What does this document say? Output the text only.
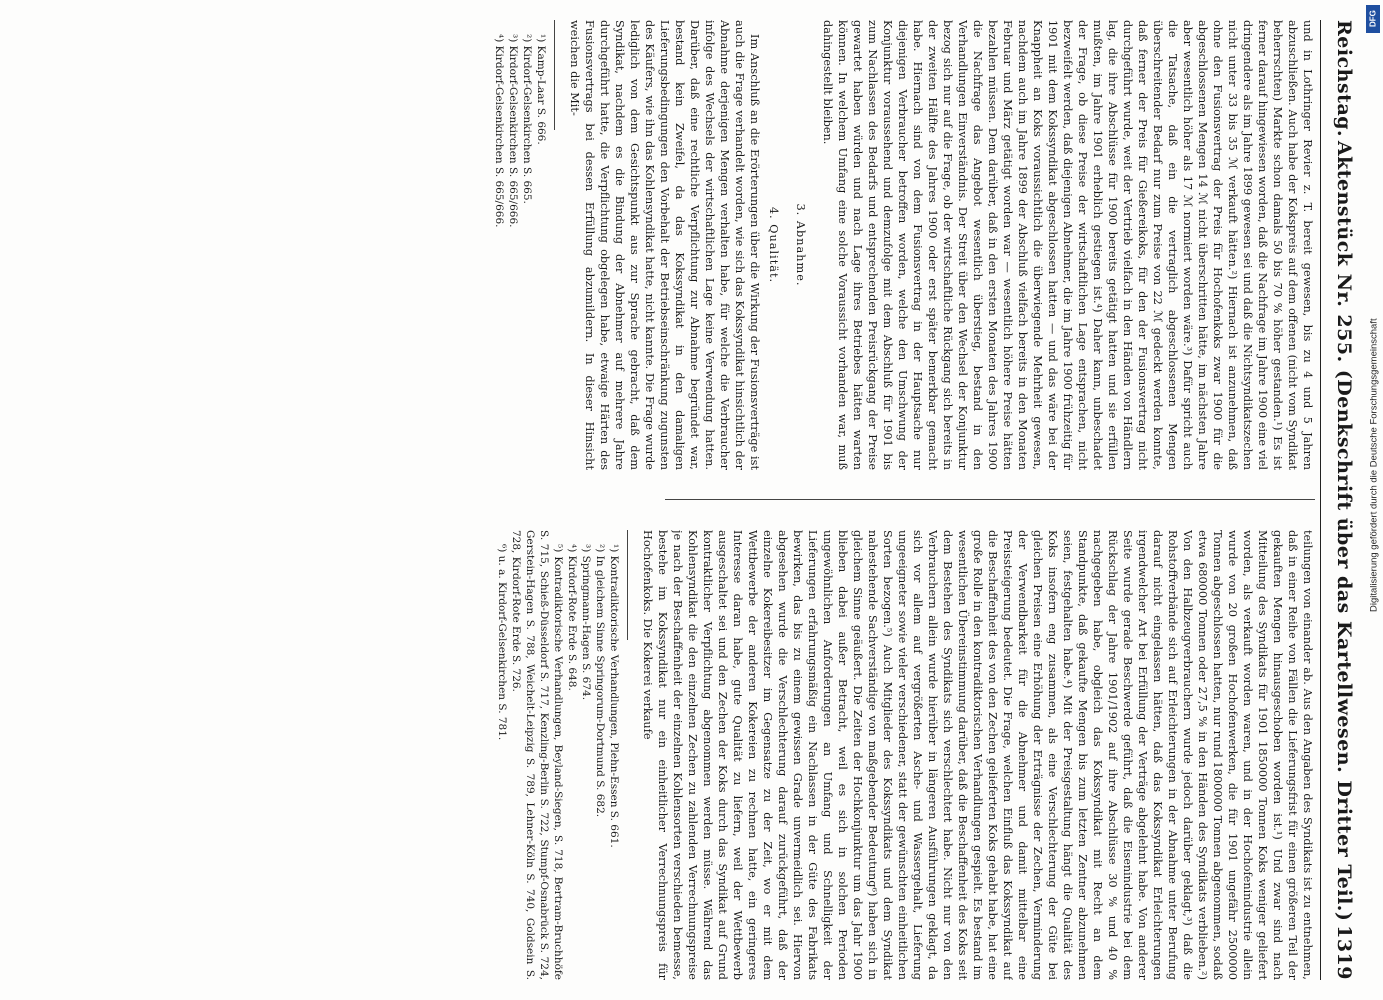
Reichstag.
Aktenstück Nr. 255. (Denkschrift über das Kartellwesen. Dritter Teil.)
1319

und in Lothringer Revier z. T. bereit gewesen, bis zu 4 und 5 Jahren abzuschließen. Auch habe der Kokspreis auf dem offenen (nicht vom Syndikat beherrschten) Markte schon damals 50 bis 70 % höher gestanden.¹) Es ist ferner darauf hingewiesen worden, daß die Nachfrage im Jahre 1900 eine viel dringendere als im Jahre 1899 gewesen sei und daß die Nichtsyndikatszechen nicht unter 33 bis 35 ℳ verkauft hätten.²) Hiernach ist anzunehmen, daß ohne den Fusionsvertrag der Preis für Hochofenkoks zwar 1900 für die abgeschlossenen Mengen 14 ℳ nicht überschritten hätte, im nächsten Jahre aber wesentlich höher als 17 ℳ normiert worden wäre.³) Dafür spricht auch die Tatsache, daß ein die vertraglich abgeschlossenen Mengen überschreitender Bedarf nur zum Preise von 22 ℳ gedeckt werden konnte, daß ferner der Preis für Gießereikoks, für den der Fusionsvertrag nicht durchgeführt wurde, weit der Vertrieb vielfach in den Händen von Händlern lag, die ihre Abschlüsse für 1900 bereits getätigt hatten und sie erfüllen mußten, im Jahre 1901 erheblich gestiegen ist.⁴) Daher kann, unbeschadet der Frage, ob diese Preise der wirtschaftlichen Lage entsprachen, nicht bezweifelt werden, daß diejenigen Abnehmer, die im Jahre 1900 frühzeitig für 1901 mit dem Kokssyndikat abgeschlossen hatten — und das wäre bei der Knappheit an Koks voraussichtlich die überwiegende Mehrheit gewesen, nachdem auch im Jahre 1899 der Abschluß vielfach bereits in den Monaten Februar und März getätigt worden war — wesentlich höhere Preise hätten bezahlen müssen. Dem darüber, daß in den ersten Monaten des Jahres 1900 die Nachfrage das Angebot wesentlich überstieg, bestand in den Verhandlungen Einverständnis. Der Streit über den Wechsel der Konjunktur bezog sich nur auf die Frage, ob der wirtschaftliche Rückgang sich bereits in der zweiten Hälfte des Jahres 1900 oder erst später bemerkbar gemacht habe. Hiernach sind von dem Fusionsvertrag in der Hauptsache nur diejenigen Verbraucher betroffen worden, welche den Umschwung der Konjunktur voraussehend und demzufolge mit dem Abschluß für 1901 bis zum Nachlassen des Bedarfs und entsprechenden Preisrückgang der Preise gewartet haben würden und nach Lage ihres Betriebes hätten warten können. In welchem Umfang eine solche Voraussicht vorhanden war, muß dahingestellt bleiben.

3. Abnahme.
4. Qualität.

Im Anschluß an die Erörterungen über die Wirkung der Fusionsverträge ist auch die Frage verhandelt worden, wie sich das Kokssyndikat hinsichtlich der Abnahme derjenigen Mengen verhalten habe, für welche die Verbraucher infolge des Wechsels der wirtschaftlichen Lage keine Verwendung hatten. Darüber, daß eine rechtliche Verpflichtung zur Abnahme begründet war, bestand kein Zweifel, da das Kokssyndikat in den damaligen Lieferungsbedingungen den Vorbehalt der Betriebseinschränkung zugunsten des Käufers, wie ihn das Kohlensyndikat hatte, nicht kannte. Die Frage wurde lediglich von dem Gesichtspunkt aus zur Sprache gebracht, daß dem Syndikat, nachdem es die Bindung der Abnehmer auf mehrere Jahre durchgeführt hatte, die Verpflichtung obgelegen habe, etwaige Härten des Fusionsvertrags bei dessen Erfüllung abzumildern. In dieser Hinsicht weichen die Mit-

¹) Kamp-Laar S. 666.

²) Kirdorf-Gelsenkirchen S. 665.

³) Kirdorf-Gelsenkirchen S. 665/666.

⁴) Kirdorf-Gelsenkirchen S. 665/666.

teilungen von einander ab. Aus den Angaben des Syndikats ist zu entnehmen, daß in einer Reihe von Fällen die Lieferungsfrist für einen größeren Teil der gekauften Mengen hinausgeschoben worden ist.¹) Und zwar sind nach Mitteilung des Syndikats für 1901 1850000 Tonnen Koks weniger geliefert worden, als verkauft worden waren, und in der Hochofenindustrie allein wurde von 20 großen Hochofenwerken, die für 1901 ungefähr 2500000 Tonnen abgeschlossen hatten, nur rund 1800000 Tonnen abgenommen, sodaß etwa 680000 Tonnen oder 27,5 % in den Händen des Syndikats verblieben.²) Von den Halbzeugverbrauchern wurde jedoch darüber geklagt,³) daß die Rohstoffverbände sich auf Erleichterungen in der Abnahme unter Berufung darauf nicht eingelassen hätten, daß das Kokssyndikat Erleichterungen irgendwelcher Art bei Erfüllung der Verträge abgelehnt habe. Von anderer Seite wurde gerade Beschwerde geführt, daß die Eisenindustrie bei dem Rückschlag der Jahre 1901/1902 auf ihre Abschlüsse 30 % und 40 % nachgegeben habe, obgleich das Kokssyndikat mit Recht an dem Standpunkte, daß gekaufte Mengen bis zum letzten Zentner abzunehmen seien, festgehalten habe.⁴) Mit der Preisgestaltung hängt die Qualität des Koks insofern eng zusammen, als eine Verschlechterung der Güte bei gleichen Preisen eine Erhöhung der Erträgnisse der Zechen, Verminderung der Verwendbarkeit für die Abnehmer und damit mittelbar eine Preissteigerung bedeutet. Die Frage, welchen Einfluß das Kokssyndikat auf die Beschaffenheit des von den Zechen gelieferten Koks gehabt habe, hat eine große Rolle in den kontradiktorischen Verhandlungen gespielt. Es bestand im wesentlichen Übereinstimmung darüber, daß die Beschaffenheit des Koks seit dem Bestehen des Syndikats sich verschlechtert habe. Nicht nur von den Verbrauchern allein wurde hierüber in längeren Ausführungen geklagt, da sich vor allem auf vergrößerten Asche- und Wassergehalt, Lieferung ungeeigneter sowie vieler verschiedener, statt der gewünschten einheitlichen Sorten bezogen.⁵) Auch Mitglieder des Kokssyndikats und dem Syndikat nahestehende Sachverständige von maßgebender Bedeutung⁶) haben sich in gleichem Sinne geäußert. Die Zeiten der Hochkonjunktur um das Jahr 1900 blieben dabei außer Betracht, weil es sich in solchen Perioden ungewöhnlichen Anforderungen an Umfang und Schnelligkeit der Lieferungen erfahrungsmäßig ein Nachlassen in der Güte des Fabrikats bewirken, das bis zu einem gewissen Grade unvermeidlich sei. Hiervon abgesehen wurde die Verschlechterung darauf zurückgeführt, daß der einzelne Kokereibesitzer im Gegensatze zu der Zeit, wo er mit dem Wettbewerbe der anderen Kokereien zu rechnen hatte, ein geringeres Interesse daran habe, gute Qualität zu liefern, weil der Wettbewerb ausgeschaltet sei und den Zechen der Koks durch das Syndikat auf Grund kontraktlicher Verpflichtung abgenommen werden müsse. Während das Kohlensyndikat die den einzelnen Zechen zu zahlenden Verrechnungspreise je nach der Beschaffenheit der einzelnen Kohlensorten verschieden bemesse, bestehe im Kokssyndikat nur ein einheitlicher Verrechnungspreis für Hochofenkoks. Die Kokerei verkaufe

¹) Kontradiktorische Verhandlungen, Plehn-Essen S. 661.

²) In gleichem Sinne Springorum-Dortmund S. 682.

³) Springmann-Hagen S. 674.

⁴) Kirdorf-Rote Erde S. 648.

⁵) Kontradiktorische Verhandlungen, Beyland-Siegen, S. 718, Bertram-Bruchhöfe S. 715, Schieß-Düsseldorf S. 717, Kenzling-Berlin S. 722, Stumpf-Osnabrück S. 724, Gerstein-Hagen S. 788, Weichelt-Leipzig S. 789, Lehner-Köln S. 740, Goldsein S. 728, Kirdorf-Rote Erde S. 726.

⁶) u. a. Kirdorf-Gelsenkirchen S. 781.

DFG
Digitalisierung gefördert durch die Deutsche Forschungsgemeinschaft
